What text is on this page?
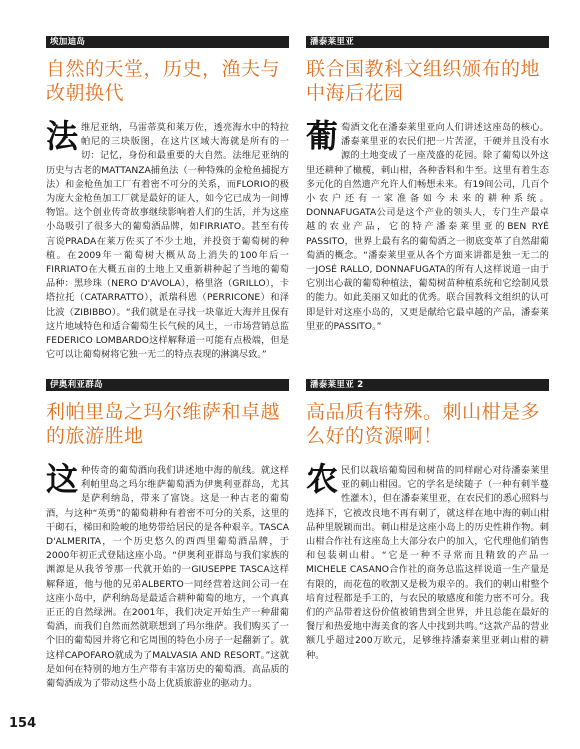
埃加迪岛
自然的天堂，历史，渔夫与改朝换代

法维尼亚纳，马雷蒂莫和莱万佐，透亮海水中的特拉帕尼的三块版图，在这片区域大海就是所有的一切：记忆，身份和最重要的大自然。法维尼亚纳的历史与古老的MATTANZA捕鱼法（一种特殊的金枪鱼捕捉方法）和金枪鱼加工厂有着密不可分的关系，而FLORIO的极为庞大金枪鱼加工厂就是最好的证人，如今它已成为一间博物馆。这个创业传奇故事继续影响着人们的生活，并为这座小岛吸引了很多大的葡萄酒品牌，如FIRRIATO。甚至有传言说PRADA在莱万佐买了不少土地，并投资于葡萄树的种植。在2009年一葡萄树大概从岛上消失的100年后一FIRRIATO在大概五亩的土地上又重新耕种起了当地的葡萄品种：黑珍珠（NERO D'AVOLA），格里洛（GRILLO），卡塔拉托（CATARRATTO），派瑞科恩（PERRICONE）和泽比波（ZIBIBBO）。“我们就是在寻找一块靠近大海并且保有这片地域特色和适合葡萄生长气候的风土，一市场营销总监FEDERICO LOMBARDO这样解释道一可能有点极端，但是它可以让葡萄树将它独一无二的特点表现的淋漓尽致。”

潘泰莱里亚
联合国教科文组织颁布的地中海后花园

葡萄酒文化在潘泰莱里亚向人们讲述这座岛的核心。潘泰莱里亚的农民们把一片苦涩，干硬并且没有水源的土地变成了一座茂盛的花园。除了葡萄以外这里还耕种了橄榄，刺山柑，各种香料和牛至。这里有着生态多元化的自然遗产允许人们畅想未来。有19间公司，几百个小农户还有一家准备如今未来的耕种系统。DONNAFUGATA公司是这个产业的领头人，专门生产最卓越的农业产品，它的特产潘泰莱里亚的BEN RYÉ PASSITO，世界上最有名的葡萄酒之一彻底变革了自然甜葡萄酒的概念。“潘泰莱里亚从各个方面来讲都是独一无二的一JOSÉ RALLO, DONNAFUGATA的所有人这样说道一由于它別出心裁的葡萄种植法，葡萄树苗种植系统和它绘制风景的能力。如此美丽又如此的优秀。联合国教科文组织的认可即是针对这座小岛的，又更是献给它最卓越的产品，潘泰莱里亚的PASSITO。”

伊奥利亚群岛
利帕里岛之玛尔维萨和卓越的旅游胜地

这种传奇的葡萄酒向我们讲述地中海的航线。就这样利帕里岛之玛尔维萨葡萄酒为伊奥利亚群岛，尤其是萨利纳岛，带来了富饶。这是一种古老的葡萄酒，与这种“英勇”的葡萄耕种有着密不可分的关系，这里的干砌石，梯田和险峻的地势带给居民的是各种艰辛。TASCA D'ALMERITA，一个历史悠久的西西里葡萄酒品牌，于2000年初正式登陆这座小岛。“伊奥利亚群岛与我们家族的渊源是从我爷爷那一代就开始的一GIUSEPPE TASCA这样解释道，他与他的兄弟ALBERTO一同经营着这间公司一在这座小岛中，萨利纳岛是最适合耕种葡萄的地方，一个真真正正的自然绿洲。在2001年，我们决定开始生产一种甜葡萄酒，而我们自然而然就联想到了玛尔维萨。我们购买了一个旧的葡萄园并将它和它周围的特色小房子一起翻新了。就这样CAPOFARO就成为了MALVASIA AND RESORT。”这就是如何在特别的地方生产带有丰富历史的葡萄酒。高品质的葡萄酒成为了带动这些小岛上优质旅游业的驱动力。

潘泰莱里亚 2
高品质有特殊。刺山柑是多么好的资源啊！

农民们以栽培葡萄园和树苗的同样耐心对待潘泰莱里亚的刺山柑园。它的学名是续随子（一种有刺半蔓性灌木），但在潘泰莱里亚，在农民们的悉心照料与选择下，它被改良地不再有刺了，就这样在地中海的刺山柑品种里脱颖而出。刺山柑是这座小岛上的历史性耕作物。刺山柑合作社有这座岛上大部分农户的加入，它代理他们销售和包装刺山柑。“它是一种不寻常而且精致的产品一MICHELE CASANO合作社的商务总监这样说道一生产量是有限的，而花苞的收割又是极为艰辛的。我们的刺山柑整个培育过程都是手工的，与农民的敏感度和能力密不可分。我们的产品带着这份价值被销售到全世界，并且总能在最好的餐厅和热爱地中海美食的客人中找到共鸣。”这款产品的营业额几乎超过200万欧元，足够维持潘泰莱里亚刺山柑的耕种。

154
